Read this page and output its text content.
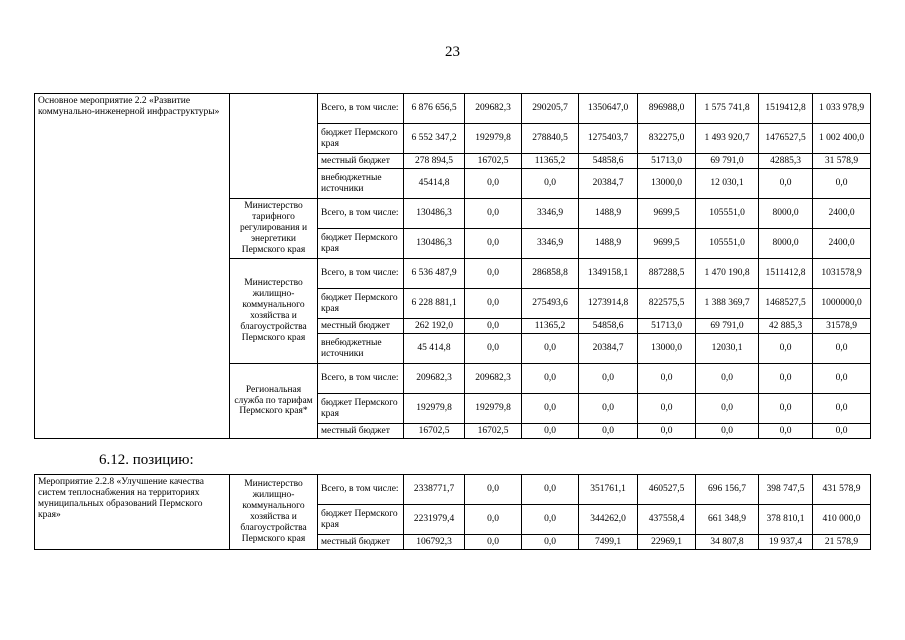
23
Основное мероприятие 2.2 «Развитие коммунально-инженерной инфраструктуры»		Всего, в том числе:	6 876 656,5	209682,3	290205,7	1350647,0	896988,0	1 575 741,8	1519412,8	1 033 978,9
		бюджет Пермского края	6 552 347,2	192979,8	278840,5	1275403,7	832275,0	1 493 920,7	1476527,5	1 002 400,0
		местный бюджет	278 894,5	16702,5	11365,2	54858,6	51713,0	69 791,0	42885,3	31 578,9
		внебюджетные источники	45414,8	0,0	0,0	20384,7	13000,0	12 030,1	0,0	0,0
	Министерство тарифного регулирования и энергетики Пермского края	Всего, в том числе:	130486,3	0,0	3346,9	1488,9	9699,5	105551,0	8000,0	2400,0
		бюджет Пермского края	130486,3	0,0	3346,9	1488,9	9699,5	105551,0	8000,0	2400,0
	Министерство жилищно-коммунального хозяйства и благоустройства Пермского края	Всего, в том числе:	6 536 487,9	0,0	286858,8	1349158,1	887288,5	1 470 190,8	1511412,8	1031578,9
		бюджет Пермского края	6 228 881,1	0,0	275493,6	1273914,8	822575,5	1 388 369,7	1468527,5	1000000,0
		местный бюджет	262 192,0	0,0	11365,2	54858,6	51713,0	69 791,0	42 885,3	31578,9
		внебюджетные источники	45 414,8	0,0	0,0	20384,7	13000,0	12030,1	0,0	0,0
	Региональная служба по тарифам Пермского края*	Всего, в том числе:	209682,3	209682,3	0,0	0,0	0,0	0,0	0,0	0,0
		бюджет Пермского края	192979,8	192979,8	0,0	0,0	0,0	0,0	0,0	0,0
		местный бюджет	16702,5	16702,5	0,0	0,0	0,0	0,0	0,0	0,0
6.12. позицию:
Мероприятие 2.2.8 «Улучшение качества систем теплоснабжения на территориях муниципальных образований Пермского края»	Министерство жилищно-коммунального хозяйства и благоустройства Пермского края	Всего, в том числе:	2338771,7	0,0	0,0	351761,1	460527,5	696 156,7	398 747,5	431 578,9
		бюджет Пермского края	2231979,4	0,0	0,0	344262,0	437558,4	661 348,9	378 810,1	410 000,0
		местный бюджет	106792,3	0,0	0,0	7499,1	22969,1	34 807,8	19 937,4	21 578,9
